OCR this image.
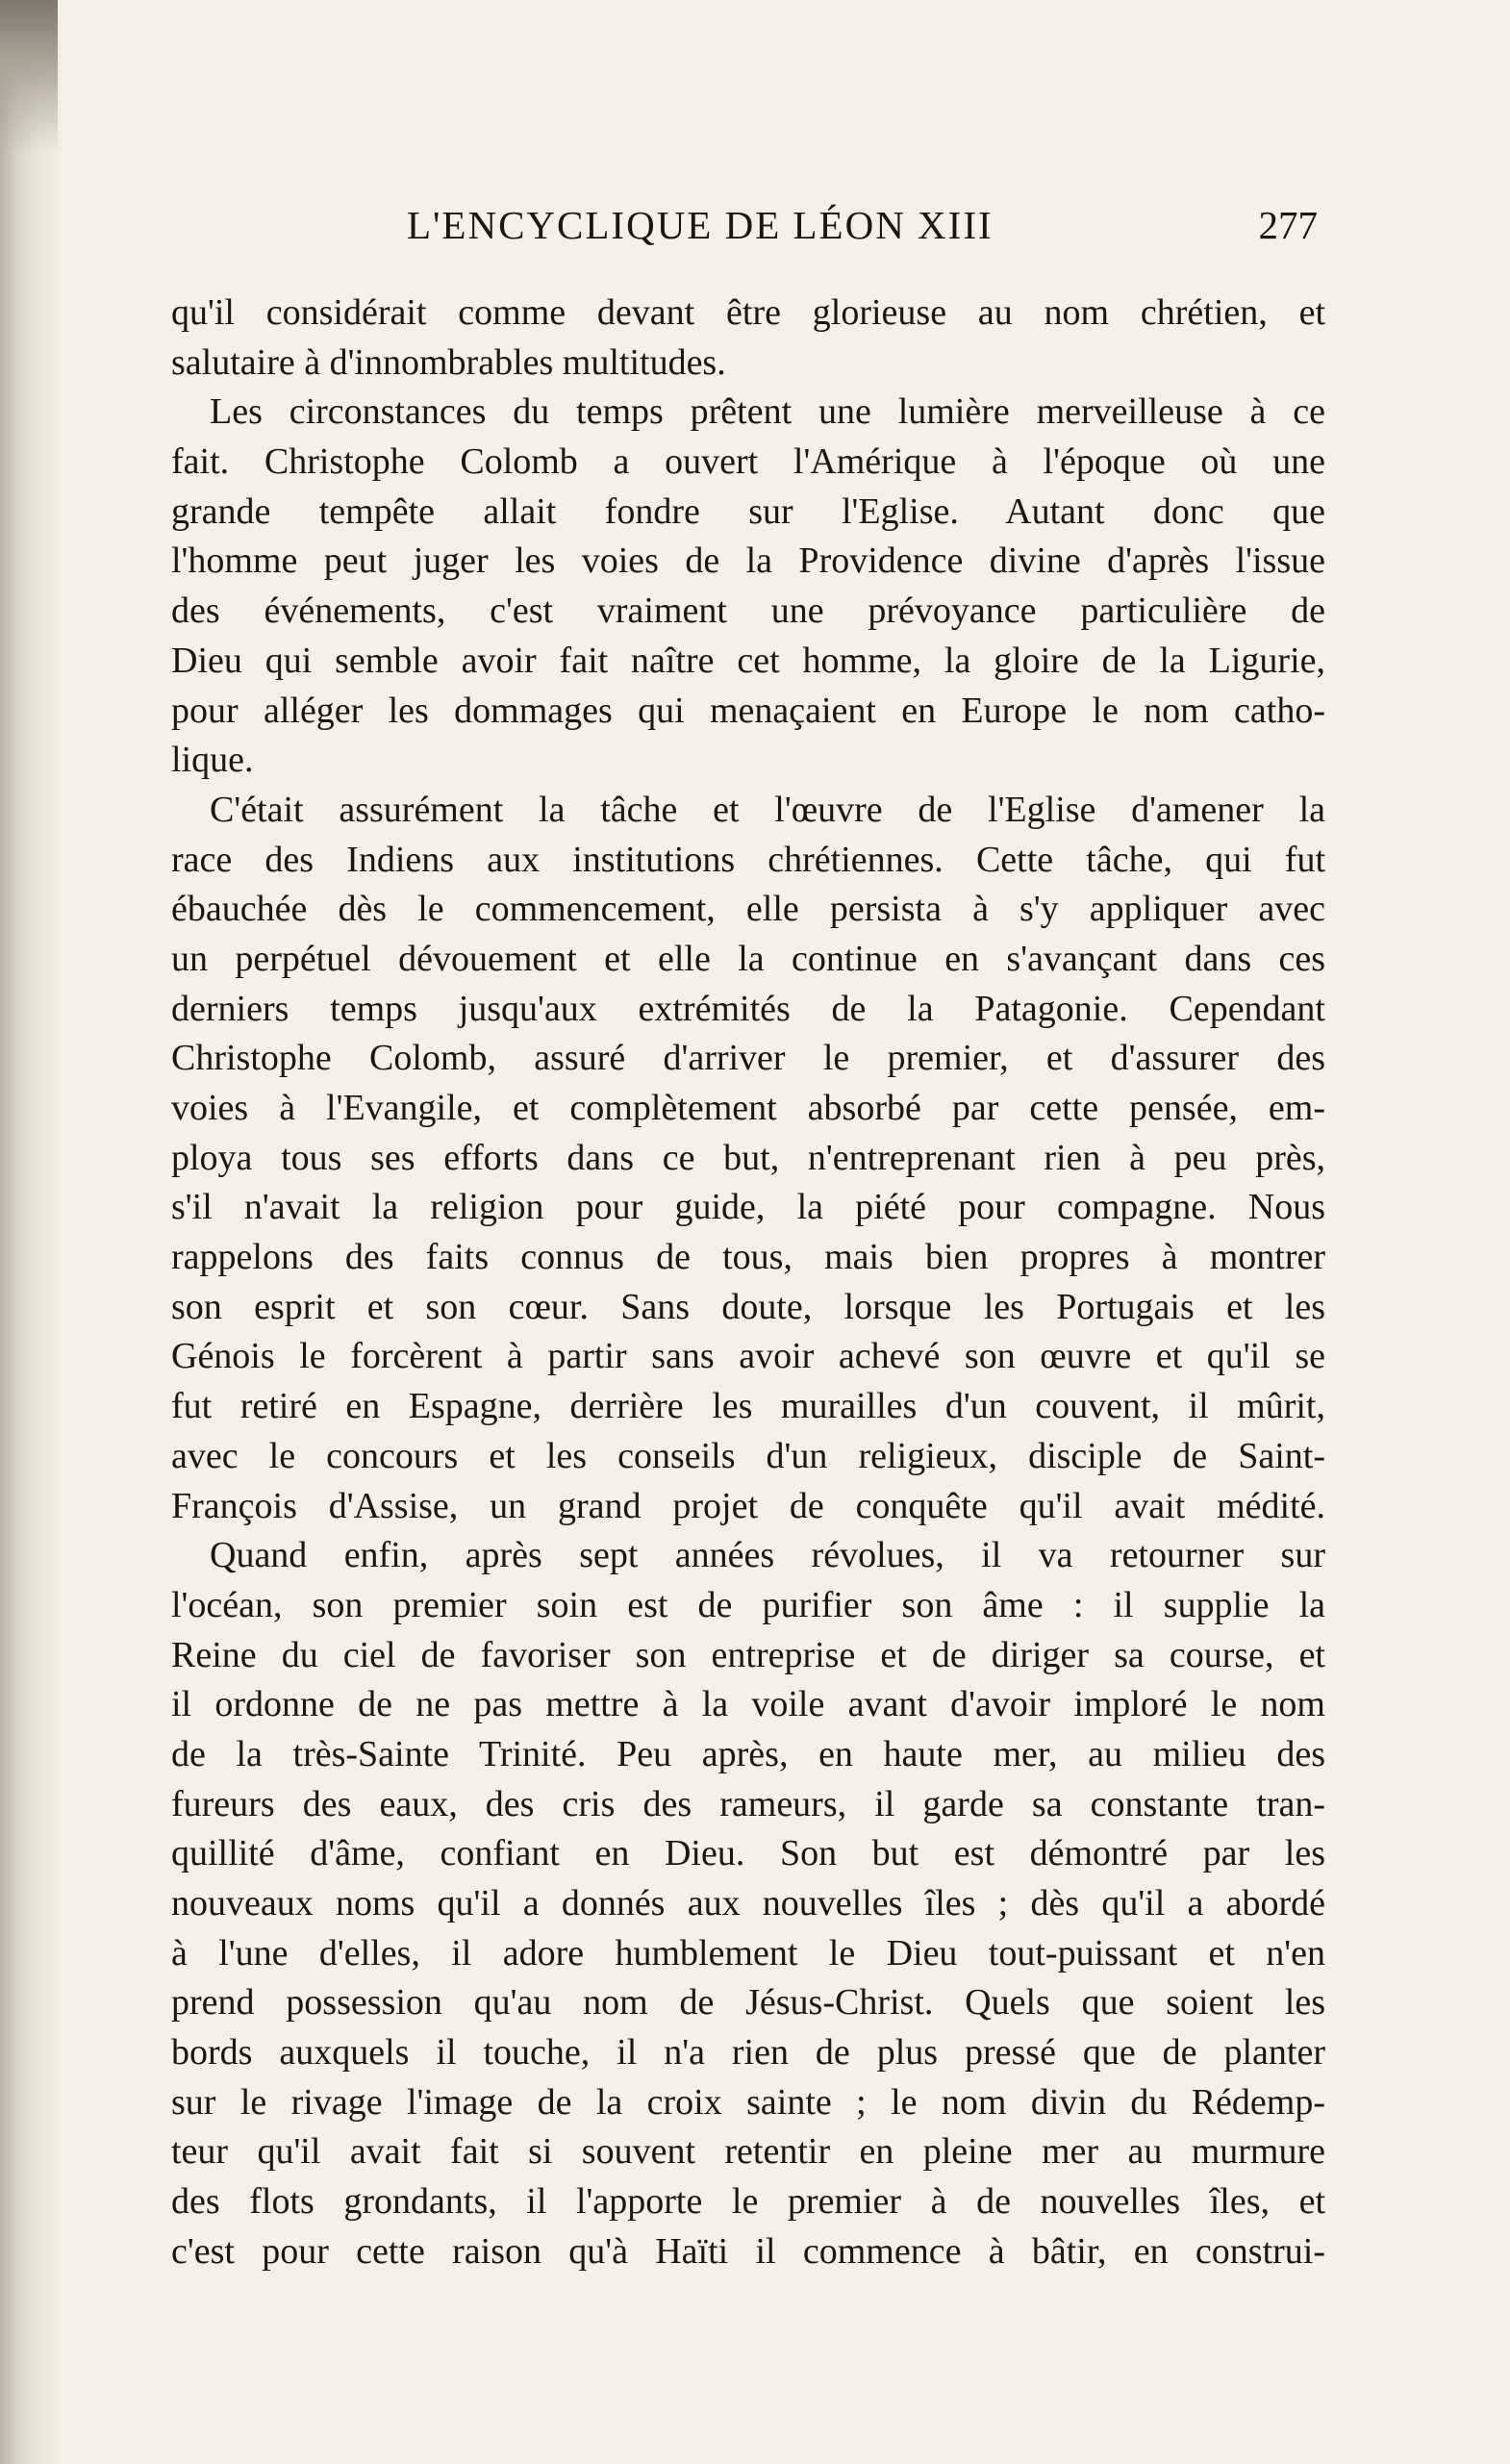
L'ENCYCLIQUE DE LÉON XIII	277
qu'il considérait comme devant être glorieuse au nom chrétien, et
salutaire à d'innombrables multitudes.
Les circonstances du temps prêtent une lumière merveilleuse à ce
fait. Christophe Colomb a ouvert l'Amérique à l'époque où une
grande tempête allait fondre sur l'Eglise. Autant donc que
l'homme peut juger les voies de la Providence divine d'après l'issue
des événements, c'est vraiment une prévoyance particulière de
Dieu qui semble avoir fait naître cet homme, la gloire de la Ligurie,
pour alléger les dommages qui menaçaient en Europe le nom catho-
lique.
C'était assurément la tâche et l'œuvre de l'Eglise d'amener la
race des Indiens aux institutions chrétiennes. Cette tâche, qui fut
ébauchée dès le commencement, elle persista à s'y appliquer avec
un perpétuel dévouement et elle la continue en s'avançant dans ces
derniers temps jusqu'aux extrémités de la Patagonie. Cependant
Christophe Colomb, assuré d'arriver le premier, et d'assurer des
voies à l'Evangile, et complètement absorbé par cette pensée, em-
ploya tous ses efforts dans ce but, n'entreprenant rien à peu près,
s'il n'avait la religion pour guide, la piété pour compagne. Nous
rappelons des faits connus de tous, mais bien propres à montrer
son esprit et son cœur. Sans doute, lorsque les Portugais et les
Génois le forcèrent à partir sans avoir achevé son œuvre et qu'il se
fut retiré en Espagne, derrière les murailles d'un couvent, il mûrit,
avec le concours et les conseils d'un religieux, disciple de Saint-
François d'Assise, un grand projet de conquête qu'il avait médité.
Quand enfin, après sept années révolues, il va retourner sur
l'océan, son premier soin est de purifier son âme : il supplie la
Reine du ciel de favoriser son entreprise et de diriger sa course, et
il ordonne de ne pas mettre à la voile avant d'avoir imploré le nom
de la très-Sainte Trinité. Peu après, en haute mer, au milieu des
fureurs des eaux, des cris des rameurs, il garde sa constante tran-
quillité d'âme, confiant en Dieu. Son but est démontré par les
nouveaux noms qu'il a donnés aux nouvelles îles ; dès qu'il a abordé
à l'une d'elles, il adore humblement le Dieu tout-puissant et n'en
prend possession qu'au nom de Jésus-Christ. Quels que soient les
bords auxquels il touche, il n'a rien de plus pressé que de planter
sur le rivage l'image de la croix sainte ; le nom divin du Rédemp-
teur qu'il avait fait si souvent retentir en pleine mer au murmure
des flots grondants, il l'apporte le premier à de nouvelles îles, et
c'est pour cette raison qu'à Haïti il commence à bâtir, en construi-
